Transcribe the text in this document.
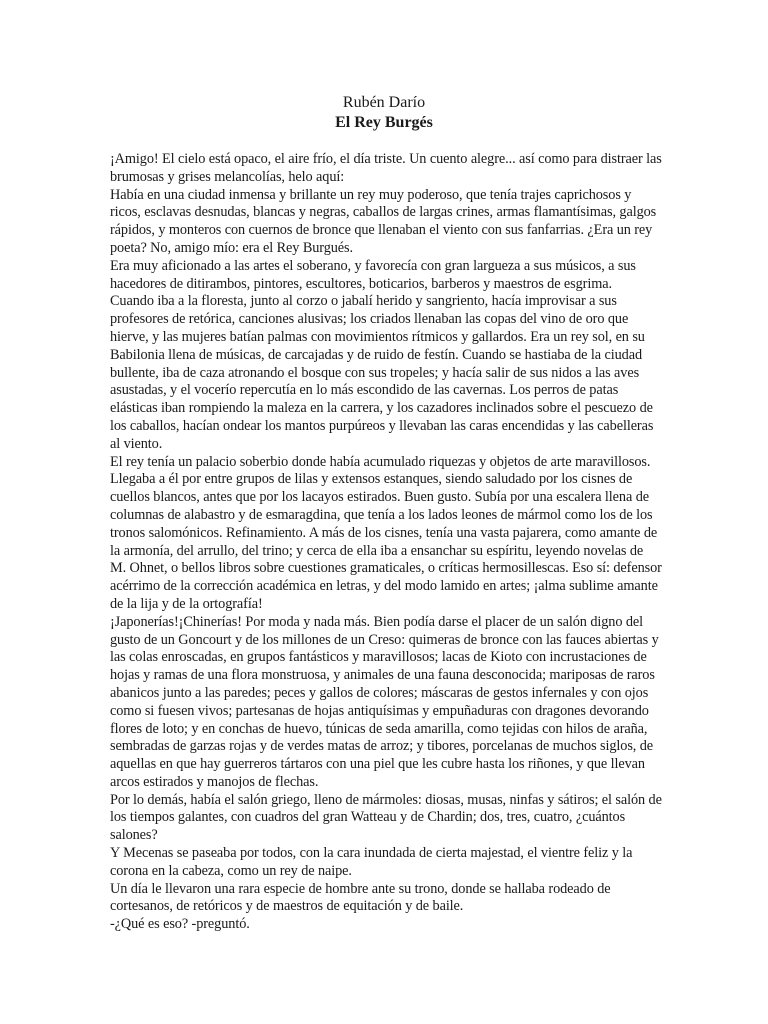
Rubén Darío
El Rey Burgés

¡Amigo! El cielo está opaco, el aire frío, el día triste. Un cuento alegre... así como para distraer las brumosas y grises melancolías, helo aquí:

Había en una ciudad inmensa y brillante un rey muy poderoso, que tenía trajes caprichosos y ricos, esclavas desnudas, blancas y negras, caballos de largas crines, armas flamantísimas, galgos rápidos, y monteros con cuernos de bronce que llenaban el viento con sus fanfarrias. ¿Era un rey poeta? No, amigo mío: era el Rey Burgués.

Era muy aficionado a las artes el soberano, y favorecía con gran largueza a sus músicos, a sus hacedores de ditirambos, pintores, escultores, boticarios, barberos y maestros de esgrima.

Cuando iba a la floresta, junto al corzo o jabalí herido y sangriento, hacía improvisar a sus profesores de retórica, canciones alusivas; los criados llenaban las copas del vino de oro que hierve, y las mujeres batían palmas con movimientos rítmicos y gallardos. Era un rey sol, en su Babilonia llena de músicas, de carcajadas y de ruido de festín. Cuando se hastiaba de la ciudad bullente, iba de caza atronando el bosque con sus tropeles; y hacía salir de sus nidos a las aves asustadas, y el vocerío repercutía en lo más escondido de las cavernas. Los perros de patas elásticas iban rompiendo la maleza en la carrera, y los cazadores inclinados sobre el pescuezo de los caballos, hacían ondear los mantos purpúreos y llevaban las caras encendidas y las cabelleras al viento.

El rey tenía un palacio soberbio donde había acumulado riquezas y objetos de arte maravillosos. Llegaba a él por entre grupos de lilas y extensos estanques, siendo saludado por los cisnes de cuellos blancos, antes que por los lacayos estirados. Buen gusto. Subía por una escalera llena de columnas de alabastro y de esmaragdina, que tenía a los lados leones de mármol como los de los tronos salomónicos. Refinamiento. A más de los cisnes, tenía una vasta pajarera, como amante de la armonía, del arrullo, del trino; y cerca de ella iba a ensanchar su espíritu, leyendo novelas de M. Ohnet, o bellos libros sobre cuestiones gramaticales, o críticas hermosillescas. Eso sí: defensor acérrimo de la corrección académica en letras, y del modo lamido en artes; ¡alma sublime amante de la lija y de la ortografía!

¡Japonerías!¡Chinerías! Por moda y nada más. Bien podía darse el placer de un salón digno del gusto de un Goncourt y de los millones de un Creso: quimeras de bronce con las fauces abiertas y las colas enroscadas, en grupos fantásticos y maravillosos; lacas de Kioto con incrustaciones de hojas y ramas de una flora monstruosa, y animales de una fauna desconocida; mariposas de raros abanicos junto a las paredes; peces y gallos de colores; máscaras de gestos infernales y con ojos como si fuesen vivos; partesanas de hojas antiquísimas y empuñaduras con dragones devorando flores de loto; y en conchas de huevo, túnicas de seda amarilla, como tejidas con hilos de araña, sembradas de garzas rojas y de verdes matas de arroz; y tibores, porcelanas de muchos siglos, de aquellas en que hay guerreros tártaros con una piel que les cubre hasta los riñones, y que llevan arcos estirados y manojos de flechas.

Por lo demás, había el salón griego, lleno de mármoles: diosas, musas, ninfas y sátiros; el salón de los tiempos galantes, con cuadros del gran Watteau y de Chardin; dos, tres, cuatro, ¿cuántos salones?

Y Mecenas se paseaba por todos, con la cara inundada de cierta majestad, el vientre feliz y la corona en la cabeza, como un rey de naipe.

Un día le llevaron una rara especie de hombre ante su trono, donde se hallaba rodeado de cortesanos, de retóricos y de maestros de equitación y de baile.

-¿Qué es eso? -preguntó.
